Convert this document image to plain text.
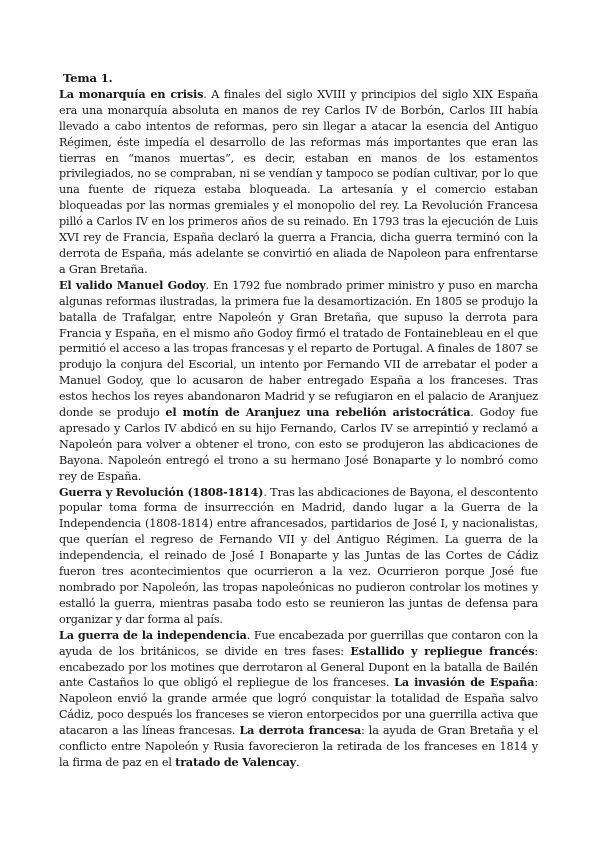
Tema 1.

La monarquía en crisis. A finales del siglo XVIII y principios del siglo XIX España era una monarquía absoluta en manos de rey Carlos IV de Borbón, Carlos III había llevado a cabo intentos de reformas, pero sin llegar a atacar la esencia del Antiguo Régimen, éste impedía el desarrollo de las reformas más importantes que eran las tierras en “manos muertas”, es decir, estaban en manos de los estamentos privilegiados, no se compraban, ni se vendían y tampoco se podían cultivar, por lo que una fuente de riqueza estaba bloqueada. La artesanía y el comercio estaban bloqueadas por las normas gremiales y el monopolio del rey. La Revolución Francesa pilló a Carlos IV en los primeros años de su reinado. En 1793 tras la ejecución de Luis XVI rey de Francia, España declaró la guerra a Francia, dicha guerra terminó con la derrota de España, más adelante se convirtió en aliada de Napoleon para enfrentarse a Gran Bretaña.

El valido Manuel Godoy. En 1792 fue nombrado primer ministro y puso en marcha algunas reformas ilustradas, la primera fue la desamortización. En 1805 se produjo la batalla de Trafalgar, entre Napoleón y Gran Bretaña, que supuso la derrota para Francia y España, en el mismo año Godoy firmó el tratado de Fontainebleau en el que permitió el acceso a las tropas francesas y el reparto de Portugal. A finales de 1807 se produjo la conjura del Escorial, un intento por Fernando VII de arrebatar el poder a Manuel Godoy, que lo acusaron de haber entregado España a los franceses. Tras estos hechos los reyes abandonaron Madrid y se refugiaron en el palacio de Aranjuez donde se produjo el motín de Aranjuez una rebelión aristocrática. Godoy fue apresado y Carlos IV abdicó en su hijo Fernando, Carlos IV se arrepintió y reclamó a Napoleón para volver a obtener el trono, con esto se produjeron las abdicaciones de Bayona. Napoleón entregó el trono a su hermano José Bonaparte y lo nombró como rey de España.

Guerra y Revolución (1808-1814). Tras las abdicaciones de Bayona, el descontento popular toma forma de insurrección en Madrid, dando lugar a la Guerra de la Independencia (1808-1814) entre afrancesados, partidarios de José I, y nacionalistas, que querían el regreso de Fernando VII y del Antiguo Régimen. La guerra de la independencia, el reinado de José I Bonaparte y las Juntas de las Cortes de Cádiz fueron tres acontecimientos que ocurrieron a la vez. Ocurrieron porque José fue nombrado por Napoleón, las tropas napoleónicas no pudieron controlar los motines y estalló la guerra, mientras pasaba todo esto se reunieron las juntas de defensa para organizar y dar forma al país.

La guerra de la independencia. Fue encabezada por guerrillas que contaron con la ayuda de los británicos, se divide en tres fases: Estallido y repliegue francés: encabezado por los motines que derrotaron al General Dupont en la batalla de Bailén ante Castaños lo que obligó el repliegue de los franceses. La invasión de España: Napoleon envió la grande armée que logró conquistar la totalidad de España salvo Cádiz, poco después los franceses se vieron entorpecidos por una guerrilla activa que atacaron a las líneas francesas. La derrota francesa: la ayuda de Gran Bretaña y el conflicto entre Napoleón y Rusia favorecieron la retirada de los franceses en 1814 y la firma de paz en el tratado de Valencay.
